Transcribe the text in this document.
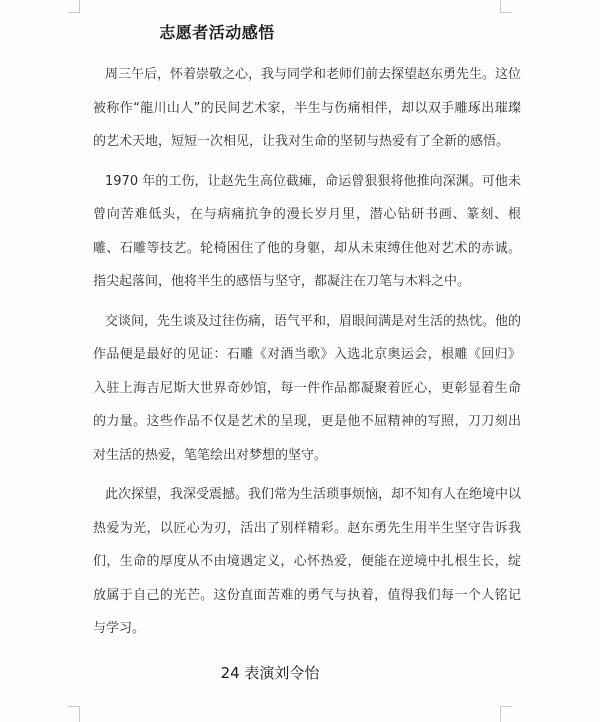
志愿者活动感悟

周三午后，怀着崇敬之心，我与同学和老师们前去探望赵东勇先生。这位被称作“龍川山人”的民间艺术家，半生与伤痛相伴，却以双手雕琢出璀璨的艺术天地，短短一次相见，让我对生命的坚韧与热爱有了全新的感悟。

1970 年的工伤，让赵先生高位截瘫，命运曾狠狠将他推向深渊。可他未曾向苦难低头，在与病痛抗争的漫长岁月里，潜心钻研书画、篆刻、根雕、石雕等技艺。轮椅困住了他的身躯，却从未束缚住他对艺术的赤诚。指尖起落间，他将半生的感悟与坚守，都凝注在刀笔与木料之中。

交谈间，先生谈及过往伤痛，语气平和，眉眼间满是对生活的热忱。他的作品便是最好的见证：石雕《对酒当歌》入选北京奥运会，根雕《回归》入驻上海吉尼斯大世界奇妙馆，每一件作品都凝聚着匠心，更彰显着生命的力量。这些作品不仅是艺术的呈现，更是他不屈精神的写照，刀刀刻出对生活的热爱，笔笔绘出对梦想的坚守。

此次探望，我深受震撼。我们常为生活琐事烦恼，却不知有人在绝境中以热爱为光，以匠心为刃，活出了别样精彩。赵东勇先生用半生坚守告诉我们，生命的厚度从不由境遇定义，心怀热爱，便能在逆境中扎根生长，绽放属于自己的光芒。这份直面苦难的勇气与执着，值得我们每一个人铭记与学习。

24 表演刘令怡
